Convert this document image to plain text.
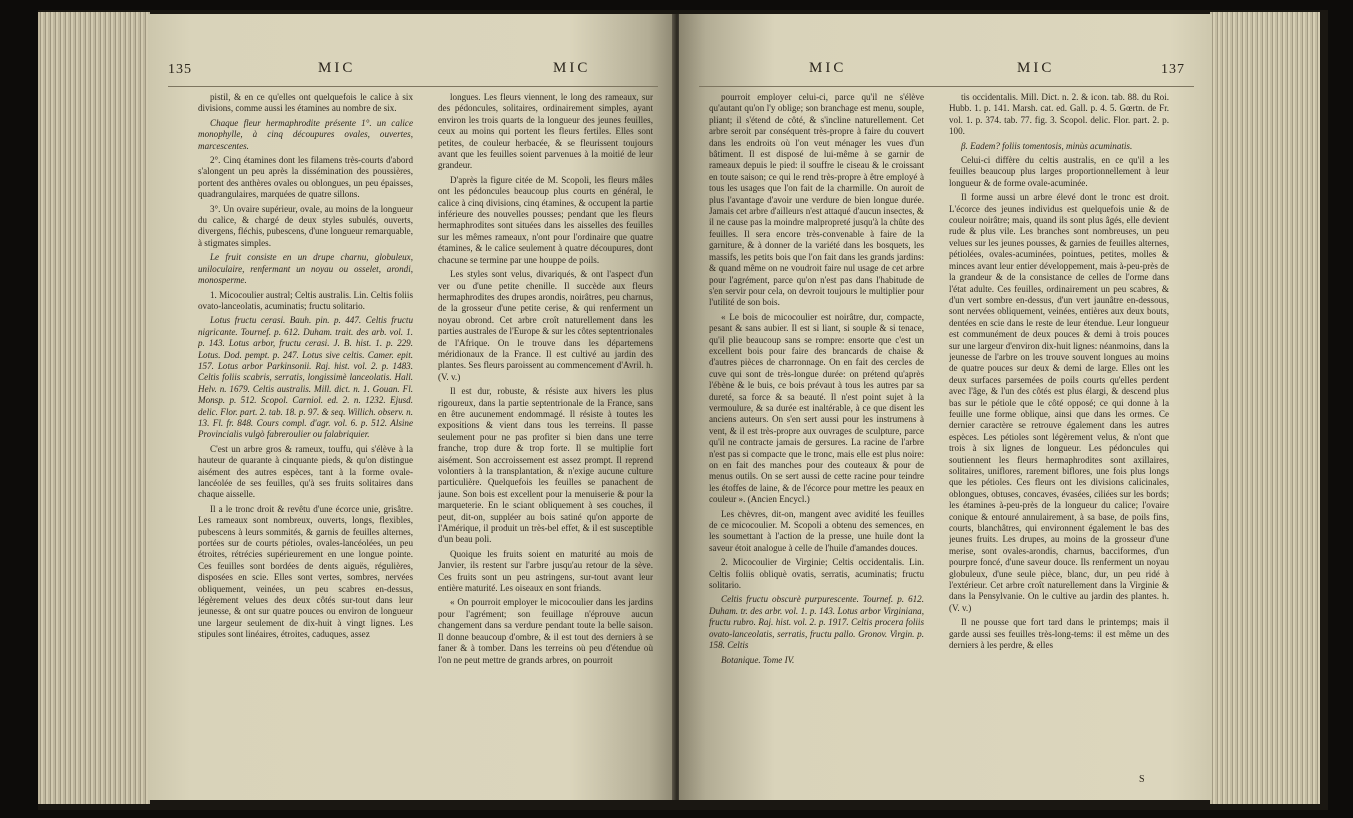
135	MIC	MIC

pistil, & en ce qu'elles ont quelquefois le calice à six divisions, comme aussi les étamines au nombre de six.

Chaque fleur hermaphrodite présente 1°. un calice monophylle, à cinq découpures ovales, ouvertes, marcescentes.

2°. Cinq étamines dont les filamens très-courts d'abord s'alongent un peu après la dissémination des poussières, portent des anthères ovales ou oblongues, un peu épaisses, quadrangulaires, marquées de quatre sillons.

3°. Un ovaire supérieur, ovale, au moins de la longueur du calice, & chargé de deux styles subulés, ouverts, divergens, fléchis, pubescens, d'une longueur remarquable, à stigmates simples.

Le fruit consiste en un drupe charnu, globuleux, uniloculaire, renfermant un noyau ou osselet, arondi, monosperme.

1. Micocoulier austral; Celtis australis. Lin. Celtis foliis ovato-lanceolatis, acuminatis; fructu solitario.

Lotus fructu cerasi. Bauh. pin. p. 447. Celtis fructu nigricante. Tournef. p. 612. Duham. trait. des arb. vol. 1. p. 143. Lotus arbor, fructu cerasi. J. B. hist. 1. p. 229. Lotus. Dod. pempt. p. 247. Lotus sive celtis. Camer. epit. 157. Lotus arbor Parkinsonii. Raj. hist. vol. 2. p. 1483. Celtis foliis scabris, serratis, longissimè lanceolatis. Hall. Helv. n. 1679. Celtis australis. Mill. dict. n. 1. Gouan. Fl. Monsp. p. 512. Scopol. Carniol. ed. 2. n. 1232. Ejusd. delic. Flor. part. 2. tab. 18. p. 97. & seq. Willich. observ. n. 13. Fl. fr. 848. Cours compl. d'agr. vol. 6. p. 512. Alsine Provincialis vulgò fabreroulier ou falabriquier.

C'est un arbre gros & rameux, touffu, qui s'élève à la hauteur de quarante à cinquante pieds, & qu'on distingue aisément des autres espèces, tant à la forme ovale-lancéolée de ses feuilles, qu'à ses fruits solitaires dans chaque aisselle.

Il a le tronc droit & revêtu d'une écorce unie, grisâtre. Les rameaux sont nombreux, ouverts, longs, flexibles, pubescens à leurs sommités, & garnis de feuilles alternes, portées sur de courts pétioles, ovales-lancéolées, un peu étroites, rétrécies supérieurement en une longue pointe. Ces feuilles sont bordées de dents aiguës, régulières, disposées en scie. Elles sont vertes, sombres, nervées obliquement, veinées, un peu scabres en-dessus, légèrement velues des deux côtés sur-tout dans leur jeunesse, & ont sur quatre pouces ou environ de longueur une largeur seulement de dix-huit à vingt lignes. Les stipules sont linéaires, étroites, caduques, assez

longues. Les fleurs viennent, le long des rameaux, sur des pédoncules, solitaires, ordinairement simples, ayant environ les trois quarts de la longueur des jeunes feuilles, ceux au moins qui portent les fleurs fertiles. Elles sont petites, de couleur herbacée, & se fleurissent toujours avant que les feuilles soient parvenues à la moitié de leur grandeur.

D'après la figure citée de M. Scopoli, les fleurs mâles ont les pédoncules beaucoup plus courts en général, le calice à cinq divisions, cinq étamines, & occupent la partie inférieure des nouvelles pousses; pendant que les fleurs hermaphrodites sont situées dans les aisselles des feuilles sur les mêmes rameaux, n'ont pour l'ordinaire que quatre étamines, & le calice seulement à quatre découpures, dont chacune se termine par une houppe de poils.

Les styles sont velus, divariqués, & ont l'aspect d'un ver ou d'une petite chenille. Il succède aux fleurs hermaphrodites des drupes arondis, noirâtres, peu charnus, de la grosseur d'une petite cerise, & qui renferment un noyau obrond. Cet arbre croît naturellement dans les parties australes de l'Europe & sur les côtes septentrionales de l'Afrique. On le trouve dans les départemens méridionaux de la France. Il est cultivé au jardin des plantes. Ses fleurs paroissent au commencement d'Avril. h. (V. v.)

Il est dur, robuste, & résiste aux hivers les plus rigoureux, dans la partie septentrionale de la France, sans en être aucunement endommagé. Il résiste à toutes les expositions & vient dans tous les terreins. Il passe seulement pour ne pas profiter si bien dans une terre franche, trop dure & trop forte. Il se multiplie fort aisément. Son accroissement est assez prompt. Il reprend volontiers à la transplantation, & n'exige aucune culture particulière. Quelquefois les feuilles se panachent de jaune. Son bois est excellent pour la menuiserie & pour la marqueterie. En le sciant obliquement à ses couches, il peut, dit-on, suppléer au bois satiné qu'on apporte de l'Amérique, il produit un très-bel effet, & il est susceptible d'un beau poli.

Quoique les fruits soient en maturité au mois de Janvier, ils restent sur l'arbre jusqu'au retour de la sève. Ces fruits sont un peu astringens, sur-tout avant leur entière maturité. Les oiseaux en sont friands.

« On pourroit employer le micocoulier dans les jardins pour l'agrément; son feuillage n'éprouve aucun changement dans sa verdure pendant toute la belle saison. Il donne beaucoup d'ombre, & il est tout des derniers à se faner & à tomber. Dans les terreins où peu d'étendue où l'on ne peut mettre de grands arbres, on pourroit

MIC	MIC	137

pourroit employer celui-ci, parce qu'il ne s'élève qu'autant qu'on l'y oblige; son branchage est menu, souple, pliant; il s'étend de côté, & s'incline naturellement. Cet arbre seroit par conséquent très-propre à faire du couvert dans les endroits où l'on veut ménager les vues d'un bâtiment. Il est disposé de lui-même à se garnir de rameaux depuis le pied: il souffre le ciseau & le croissant en toute saison; ce qui le rend très-propre à être employé à tous les usages que l'on fait de la charmille. On auroit de plus l'avantage d'avoir une verdure de bien longue durée. Jamais cet arbre d'ailleurs n'est attaqué d'aucun insectes, & il ne cause pas la moindre malpropreté jusqu'à la chûte des feuilles. Il sera encore très-convenable à faire de la garniture, & à donner de la variété dans les bosquets, les massifs, les petits bois que l'on fait dans les grands jardins: & quand même on ne voudroit faire nul usage de cet arbre pour l'agrément, parce qu'on n'est pas dans l'habitude de s'en servir pour cela, on devroit toujours le multiplier pour l'utilité de son bois.

« Le bois de micocoulier est noirâtre, dur, compacte, pesant & sans aubier. Il est si liant, si souple & si tenace, qu'il plie beaucoup sans se rompre: ensorte que c'est un excellent bois pour faire des brancards de chaise & d'autres pièces de charronnage. On en fait des cercles de cuve qui sont de très-longue durée: on prétend qu'après l'ébène & le buis, ce bois prévaut à tous les autres par sa dureté, sa force & sa beauté. Il n'est point sujet à la vermoulure, & sa durée est inaltérable, à ce que disent les anciens auteurs. On s'en sert aussi pour les instrumens à vent, & il est très-propre aux ouvrages de sculpture, parce qu'il ne contracte jamais de gersures. La racine de l'arbre n'est pas si compacte que le tronc, mais elle est plus noire: on en fait des manches pour des couteaux & pour de menus outils. On se sert aussi de cette racine pour teindre les étoffes de laine, & de l'écorce pour mettre les peaux en couleur ». (Ancien Encycl.)

Les chèvres, dit-on, mangent avec avidité les feuilles de ce micocoulier. M. Scopoli a obtenu des semences, en les soumettant à l'action de la presse, une huile dont la saveur étoit analogue à celle de l'huile d'amandes douces.

2. Micocoulier de Virginie; Celtis occidentalis. Lin. Celtis foliis obliquè ovatis, serratis, acuminatis; fructu solitario.

Celtis fructu obscurè purpurescente. Tournef. p. 612. Duham. tr. des arbr. vol. 1. p. 143. Lotus arbor Virginiana, fructu rubro. Raj. hist. vol. 2. p. 1917. Celtis procera foliis ovato-lanceolatis, serratis, fructu pallo. Gronov. Virgin. p. 158. Celtis

Botanique. Tome IV.

tis occidentalis. Mill. Dict. n. 2. & icon. tab. 88. du Roi. Hubb. 1. p. 141. Marsh. cat. ed. Gall. p. 4. 5. Gœrtn. de Fr. vol. 1. p. 374. tab. 77. fig. 3. Scopol. delic. Flor. part. 2. p. 100.

β. Eadem? foliis tomentosis, minùs acuminatis.

Celui-ci diffère du celtis australis, en ce qu'il a les feuilles beaucoup plus larges proportionnellement à leur longueur & de forme ovale-acuminée.

Il forme aussi un arbre élevé dont le tronc est droit. L'écorce des jeunes individus est quelquefois unie & de couleur noirâtre; mais, quand ils sont plus âgés, elle devient rude & plus vile. Les branches sont nombreuses, un peu velues sur les jeunes pousses, & garnies de feuilles alternes, pétiolées, ovales-acuminées, pointues, petites, molles & minces avant leur entier développement, mais à-peu-près de la grandeur & de la consistance de celles de l'orme dans l'état adulte. Ces feuilles, ordinairement un peu scabres, & d'un vert sombre en-dessus, d'un vert jaunâtre en-dessous, sont nervées obliquement, veinées, entières aux deux bouts, dentées en scie dans le reste de leur étendue. Leur longueur est communément de deux pouces & demi à trois pouces sur une largeur d'environ dix-huit lignes: néanmoins, dans la jeunesse de l'arbre on les trouve souvent longues au moins de quatre pouces sur deux & demi de large. Elles ont les deux surfaces parsemées de poils courts qu'elles perdent avec l'âge, & l'un des côtés est plus élargi, & descend plus bas sur le pétiole que le côté opposé; ce qui donne à la feuille une forme oblique, ainsi que dans les ormes. Ce dernier caractère se retrouve également dans les autres espèces. Les pétioles sont légèrement velus, & n'ont que trois à six lignes de longueur. Les pédoncules qui soutiennent les fleurs hermaphrodites sont axillaires, solitaires, uniflores, rarement biflores, une fois plus longs que les pétioles. Ces fleurs ont les divisions calicinales, oblongues, obtuses, concaves, évasées, ciliées sur les bords; les étamines à-peu-près de la longueur du calice; l'ovaire conique & entouré annulairement, à sa base, de poils fins, courts, blanchâtres, qui environnent également le bas des jeunes fruits. Les drupes, au moins de la grosseur d'une merise, sont ovales-arondis, charnus, bacciformes, d'un pourpre foncé, d'une saveur douce. Ils renferment un noyau globuleux, d'une seule pièce, blanc, dur, un peu ridé à l'extérieur. Cet arbre croît naturellement dans la Virginie & dans la Pensylvanie. On le cultive au jardin des plantes. h. (V. v.)

Il ne pousse que fort tard dans le printemps; mais il garde aussi ses feuilles très-long-tems: il est même un des derniers à les perdre, & elles

S
